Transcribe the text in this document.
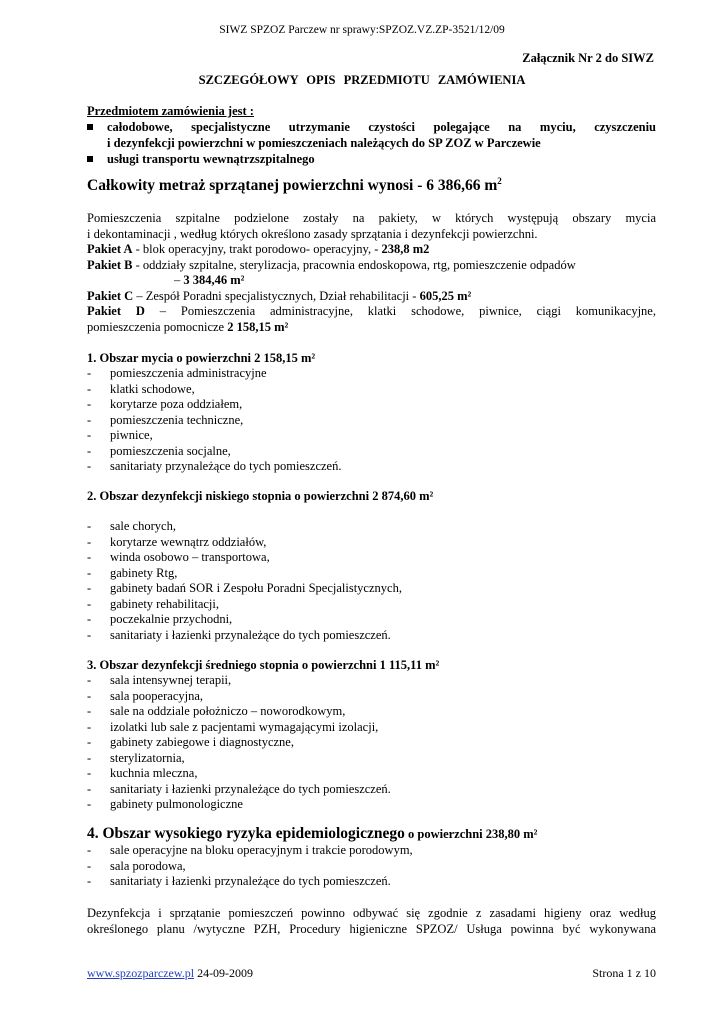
SIWZ SPZOZ Parczew nr sprawy:SPZOZ.VZ.ZP-3521/12/09
Załącznik Nr 2 do SIWZ
SZCZEGÓŁOWY OPIS PRZEDMIOTU ZAMÓWIENIA
Przedmiotem zamówienia jest :
całodobowe, specjalistyczne utrzymanie czystości polegające na myciu, czyszczeniu
i dezynfekcji powierzchni w pomieszczeniach należących do SP ZOZ w Parczewie
usługi transportu wewnątrzszpitalnego
Całkowity metraż sprzątanej powierzchni wynosi - 6 386,66 $m^2$

Pomieszczenia szpitalne podzielone zostały na pakiety, w których występują obszary mycia

i dekontaminacji , według których określono zasady sprzątania i dezynfekcji powierzchni.

Pakiet A - blok operacyjny, trakt porodowo- operacyjny, - 238,8 m2

Pakiet B - oddziały szpitalne, sterylizacja, pracownia endoskopowa, rtg, pomieszczenie odpadów

– 3 384,46 m²

Pakiet C – Zespół Poradni specjalistycznych, Dział rehabilitacji - 605,25 m²

Pakiet D – Pomieszczenia administracyjne, klatki schodowe, piwnice, ciągi komunikacyjne,

pomieszczenia pomocnicze 2 158,15 m²

1. Obszar mycia o powierzchni 2 158,15 m²

- pomieszczenia administracyjne
- klatki schodowe,
- korytarze poza oddziałem,
- pomieszczenia techniczne,
- piwnice,
- pomieszczenia socjalne,
- sanitariaty przynależące do tych pomieszczeń.

2. Obszar dezynfekcji niskiego stopnia o powierzchni 2 874,60 m²

- sale chorych,
- korytarze wewnątrz oddziałów,
- winda osobowo – transportowa,
- gabinety Rtg,
- gabinety badań SOR i Zespołu Poradni Specjalistycznych,
- gabinety rehabilitacji,
- poczekalnie przychodni,
- sanitariaty i łazienki przynależące do tych pomieszczeń.

3. Obszar dezynfekcji średniego stopnia o powierzchni 1 115,11 m²

- sala intensywnej terapii,
- sala pooperacyjna,
- sale na oddziale położniczo – noworodkowym,
- izolatki lub sale z pacjentami wymagającymi izolacji,
- gabinety zabiegowe i diagnostyczne,
- sterylizatornia,
- kuchnia mleczna,
- sanitariaty i łazienki przynależące do tych pomieszczeń.
- gabinety pulmonologiczne

4. Obszar wysokiego ryzyka epidemiologicznego o powierzchni 238,80 m²

- sale operacyjne na bloku operacyjnym i trakcie porodowym,
- sala porodowa,
- sanitariaty i łazienki przynależące do tych pomieszczeń.
Dezynfekcja i sprzątanie pomieszczeń powinno odbywać się zgodnie z zasadami higieny oraz według
określonego planu /wytyczne PZH, Procedury higieniczne SPZOZ/ Usługa powinna być wykonywana
www.spzozparczew.pl 24-09-2009	Strona 1 z 10
